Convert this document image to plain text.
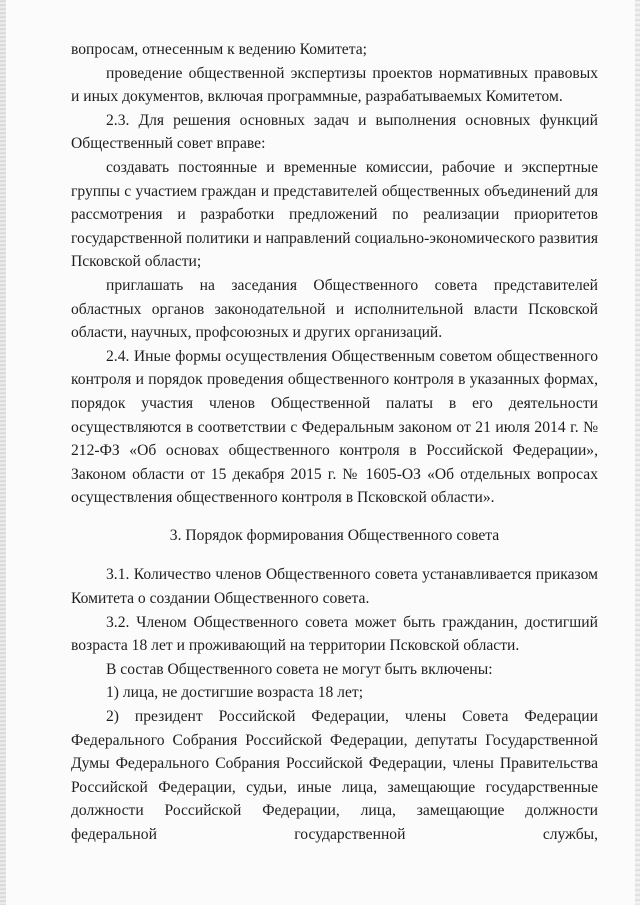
вопросам, отнесенным к ведению Комитета;

проведение общественной экспертизы проектов нормативных правовых и иных документов, включая программные, разрабатываемых Комитетом.

2.3. Для решения основных задач и выполнения основных функций Общественный совет вправе:

создавать постоянные и временные комиссии, рабочие и экспертные группы с участием граждан и представителей общественных объединений для рассмотрения и разработки предложений по реализации приоритетов государственной политики и направлений социально-экономического развития Псковской области;

приглашать на заседания Общественного совета представителей областных органов законодательной и исполнительной власти Псковской области, научных, профсоюзных и других организаций.

2.4. Иные формы осуществления Общественным советом общественного контроля и порядок проведения общественного контроля в указанных формах, порядок участия членов Общественной палаты в его деятельности осуществляются в соответствии с Федеральным законом от 21 июля 2014 г. № 212-ФЗ «Об основах общественного контроля в Российской Федерации», Законом области от 15 декабря 2015 г. № 1605-ОЗ «Об отдельных вопросах осуществления общественного контроля в Псковской области».

3. Порядок формирования Общественного совета

3.1. Количество членов Общественного совета устанавливается приказом Комитета о создании Общественного совета.

3.2. Членом Общественного совета может быть гражданин, достигший возраста 18 лет и проживающий на территории Псковской области.

В состав Общественного совета не могут быть включены:

1) лица, не достигшие возраста 18 лет;

2) президент Российской Федерации, члены Совета Федерации Федерального Собрания Российской Федерации, депутаты Государственной Думы Федерального Собрания Российской Федерации, члены Правительства Российской Федерации, судьи, иные лица, замещающие государственные должности Российской Федерации, лица, замещающие должности федеральной государственной службы,
